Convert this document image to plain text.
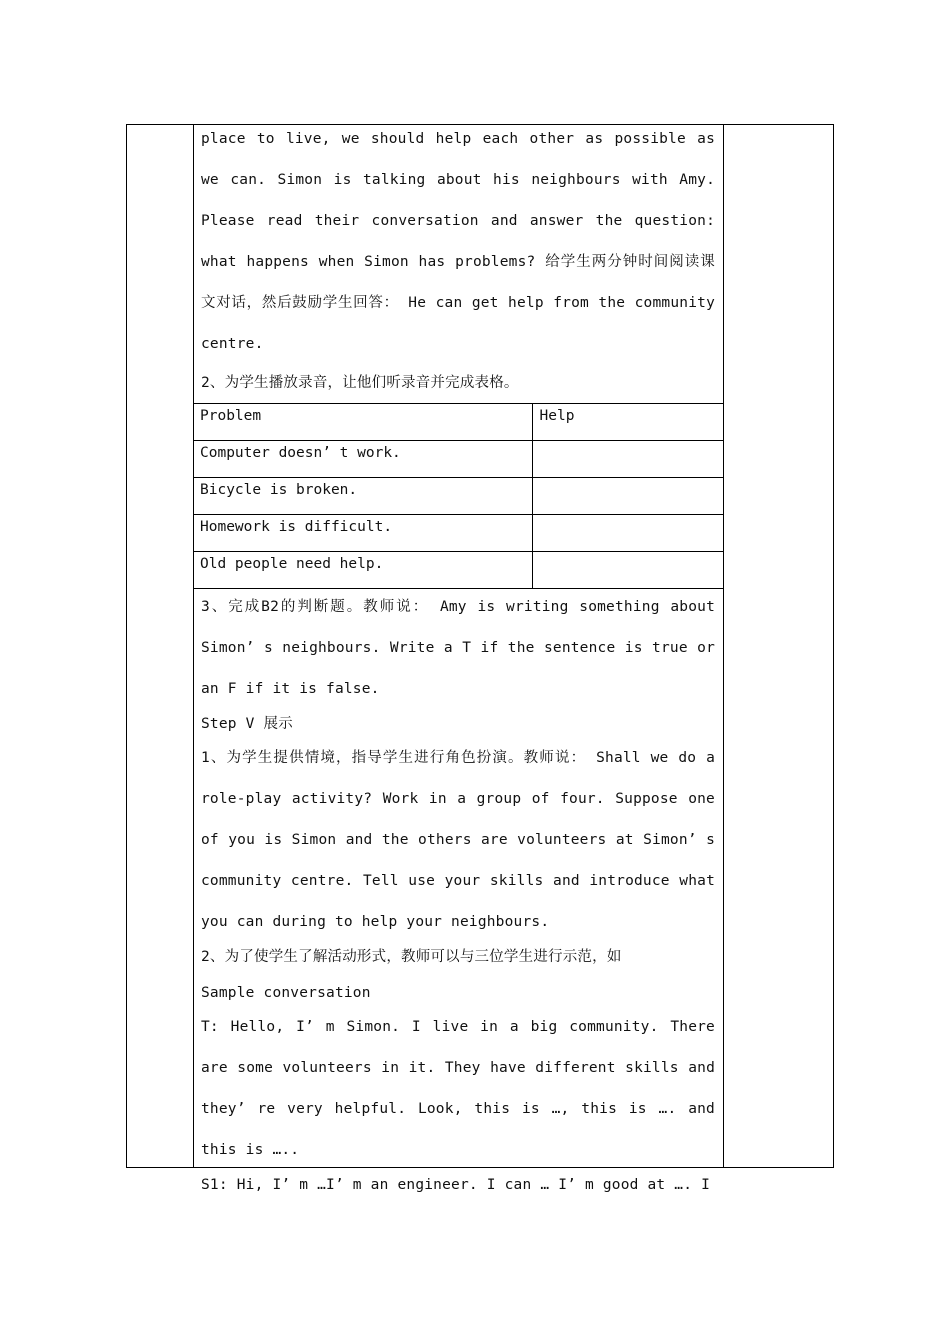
place to live, we should help each other as possible as we can. Simon is talking about his neighbours with Amy. Please read their conversation and answer the question: what happens when Simon has problems? 给学生两分钟时间阅读课文对话，然后鼓励学生回答： He can get help from the community centre.
2、为学生播放录音，让他们听录音并完成表格。
Problem	Help
Computer doesn’ t work.	
Bicycle is broken.	
Homework is difficult.	
Old people need help.	
3、完成B2的判断题。教师说： Amy is writing something about Simon’ s neighbours. Write a T if the sentence is true or an F if it is false.
Step V 展示
1、为学生提供情境，指导学生进行角色扮演。教师说： Shall we do a role-play activity? Work in a group of four. Suppose one of you is Simon and the others are volunteers at Simon’ s community centre. Tell use your skills and introduce what you can during to help your neighbours.
2、为了使学生了解活动形式，教师可以与三位学生进行示范，如
Sample conversation
T: Hello, I’ m Simon. I live in a big community. There are some volunteers in it. They have different skills and they’ re very helpful. Look, this is …, this is …. and this is …..
S1: Hi, I’ m …I’ m an engineer. I can … I’ m good at …. I
